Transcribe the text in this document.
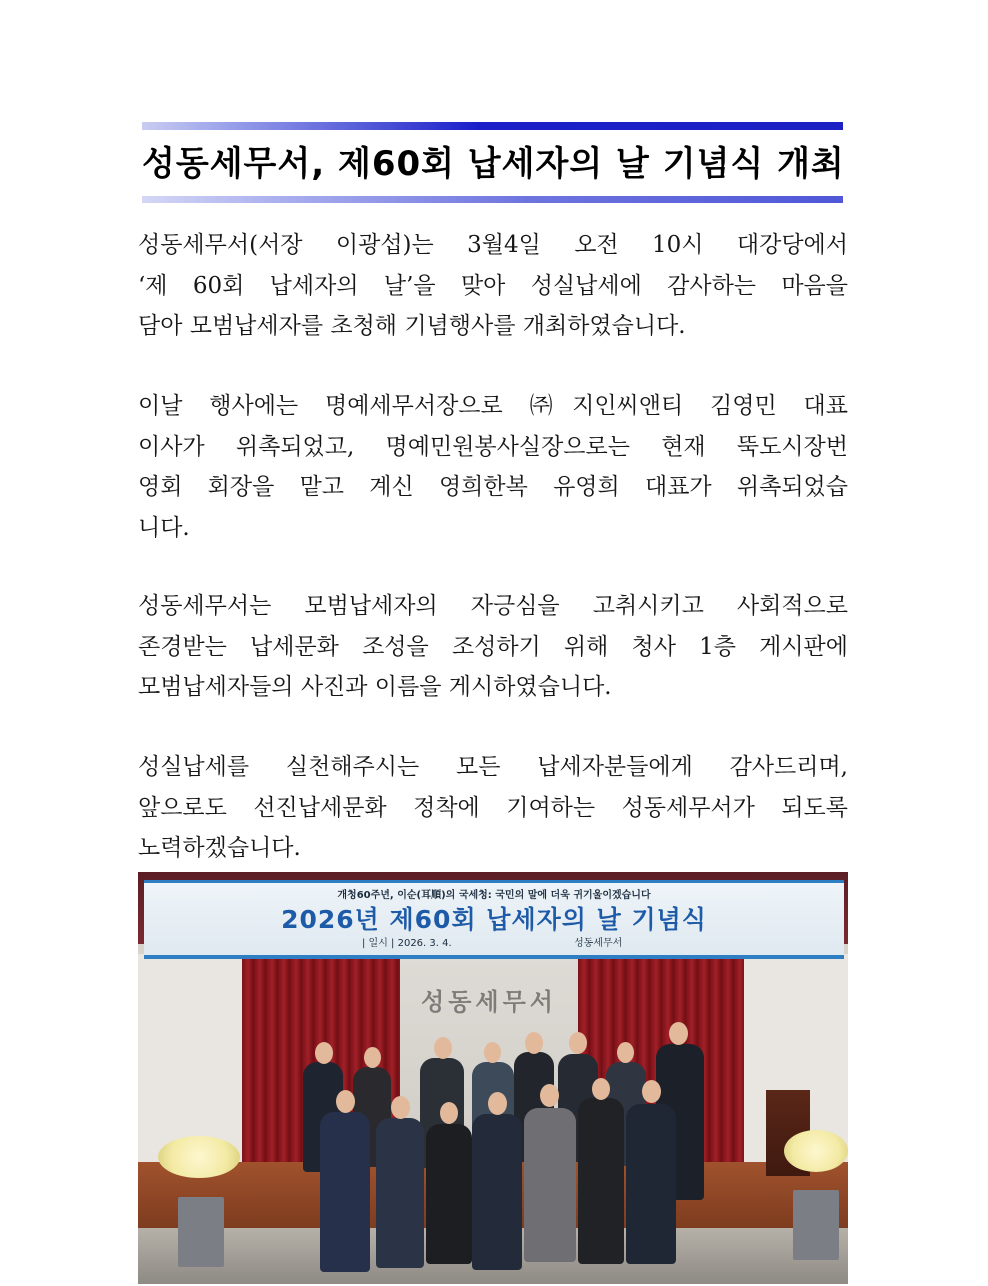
성동세무서, 제60회 납세자의 날 기념식 개최
성동세무서(서장 이광섭)는 3월4일 오전 10시 대강당에서
‘제 60회 납세자의 날’을 맞아 성실납세에 감사하는 마음을
담아 모범납세자를 초청해 기념행사를 개최하였습니다.
이날 행사에는 명예세무서장으로 ㈜지인씨앤티 김영민 대표
이사가 위촉되었고, 명예민원봉사실장으로는 현재 뚝도시장번
영회 회장을 맡고 계신 영희한복 유영희 대표가 위촉되었습
니다.
성동세무서는 모범납세자의 자긍심을 고취시키고 사회적으로
존경받는 납세문화 조성을 조성하기 위해 청사 1층 게시판에
모범납세자들의 사진과 이름을 게시하였습니다.
성실납세를 실천해주시는 모든 납세자분들에게 감사드리며,
앞으로도 선진납세문화 정착에 기여하는 성동세무서가 되도록
노력하겠습니다.
성동세무서
개청60주년, 이순(耳順)의 국세청: 국민의 말에 더욱 귀기울이겠습니다
2026년 제60회 납세자의 날 기념식
| 일시 | 2026. 3. 4.	성동세무서
